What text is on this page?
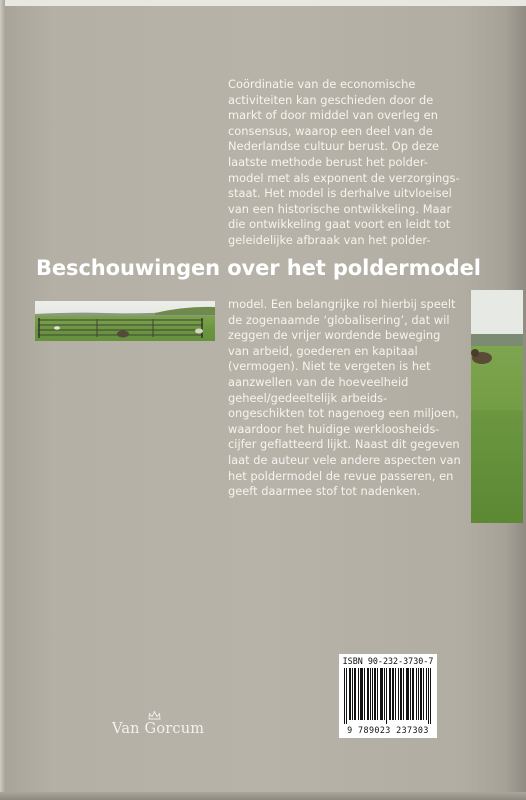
Coördinatie van de economische
activiteiten kan geschieden door de
markt of door middel van overleg en
consensus, waarop een deel van de
Nederlandse cultuur berust. Op deze
laatste methode berust het polder-
model met als exponent de verzorgings-
staat. Het model is derhalve uitvloeisel
van een historische ontwikkeling. Maar
die ontwikkeling gaat voort en leidt tot
geleidelijke afbraak van het polder-

Beschouwingen over het poldermodel

model. Een belangrijke rol hierbij speelt
de zogenaamde ‘globalisering’, dat wil
zeggen de vrijer wordende beweging
van arbeid, goederen en kapitaal
(vermogen). Niet te vergeten is het
aanzwellen van de hoeveelheid
geheel/gedeeltelijk arbeids-
ongeschikten tot nagenoeg een miljoen,
waardoor het huidige werkloosheids-
cijfer geflatteerd lijkt. Naast dit gegeven
laat de auteur vele andere aspecten van
het poldermodel de revue passeren, en
geeft daarmee stof tot nadenken.

ISBN 90-232-3730-7
9 789023 237303
Van Gorcum
